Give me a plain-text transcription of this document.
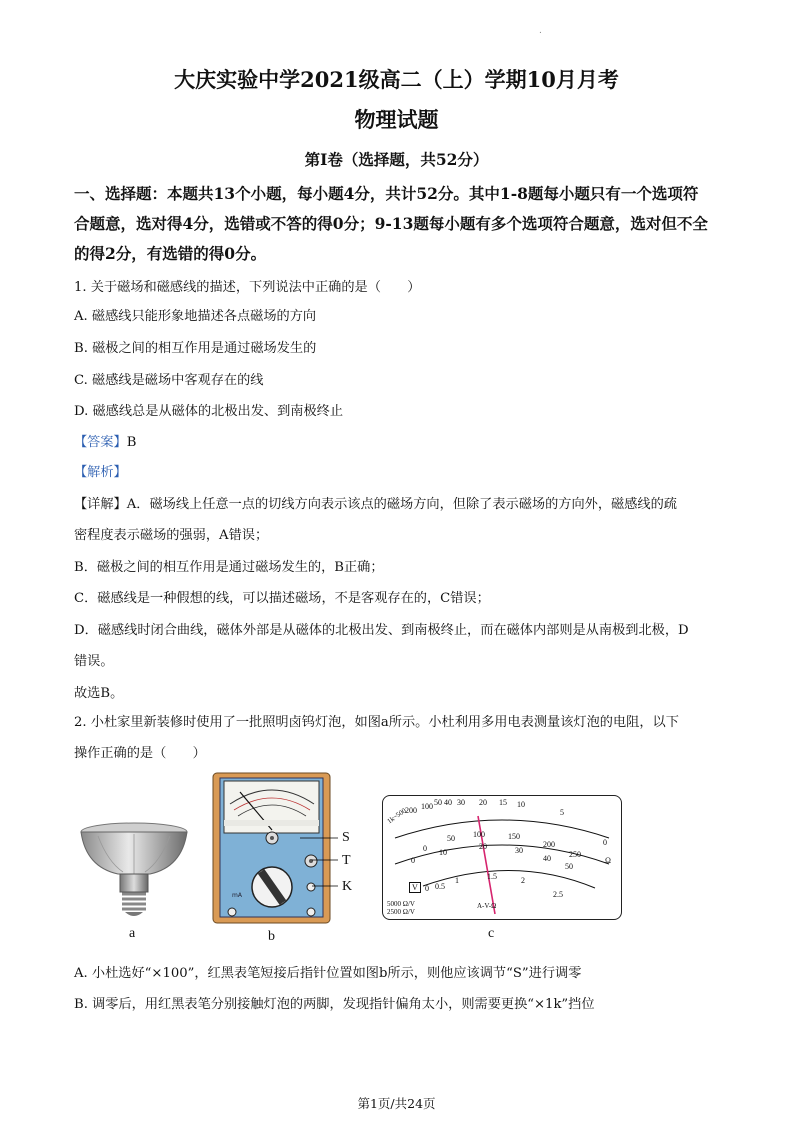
.
大庆实验中学2021级高二（上）学期10月月考
物理试题
第Ⅰ卷（选择题，共52分）
一、选择题：本题共13个小题，每小题4分，共计52分。其中1-8题每小题只有一个选项符
合题意，选对得4分，选错或不答的得0分；9-13题每小题有多个选项符合题意，选对但不全
的得2分，有选错的得0分。
1. 关于磁场和磁感线的描述，下列说法中正确的是（　　）
A. 磁感线只能形象地描述各点磁场的方向
B. 磁极之间的相互作用是通过磁场发生的
C. 磁感线是磁场中客观存在的线
D. 磁感线总是从磁体的北极出发、到南极终止
【答案】B
【解析】
【详解】A．磁场线上任意一点的切线方向表示该点的磁场方向，但除了表示磁场的方向外，磁感线的疏
密程度表示磁场的强弱，A错误；
B．磁极之间的相互作用是通过磁场发生的，B正确；
C．磁感线是一种假想的线，可以描述磁场，不是客观存在的，C错误；
D．磁感线时闭合曲线，磁体外部是从磁体的北极出发、到南极终止，而在磁体内部则是从南极到北极，D
错误。
故选B。
2. 小杜家里新装修时使用了一批照明卤钨灯泡，如图a所示。小杜利用多用电表测量该灯泡的电阻，以下
操作正确的是（　　）
a
mA
S
T
K
b
1k~500
200 100 50 40 30 20 15 10
5
0
Ω
0
50 100	150
200
250
0
10
20	30
40
50
V 0 0.5
1	1.5	2
2.5
5000 Ω/V
2500 Ω/V
A-V-Ω
c
A. 小杜选好“×100”，红黑表笔短接后指针位置如图b所示，则他应该调节“S”进行调零
B. 调零后，用红黑表笔分别接触灯泡的两脚，发现指针偏角太小，则需要更换“×1k”挡位
第1页/共24页
